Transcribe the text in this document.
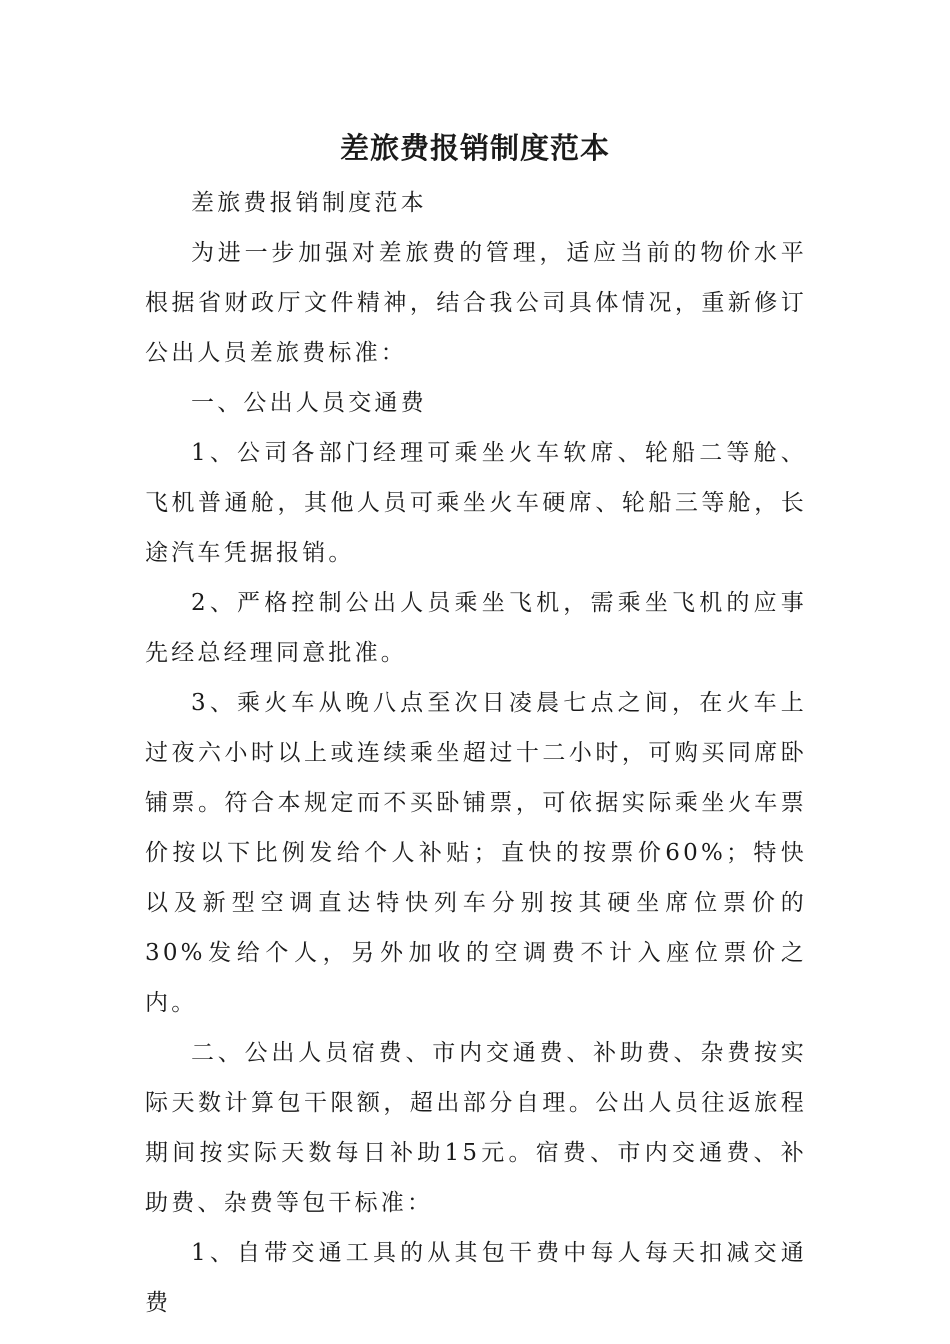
差旅费报销制度范本

差旅费报销制度范本

为进一步加强对差旅费的管理，适应当前的物价水平根据省财政厅文件精神，结合我公司具体情况，重新修订公出人员差旅费标准：

一、公出人员交通费

1、公司各部门经理可乘坐火车软席、轮船二等舱、飞机普通舱，其他人员可乘坐火车硬席、轮船三等舱，长途汽车凭据报销。

2、严格控制公出人员乘坐飞机，需乘坐飞机的应事先经总经理同意批准。

3、乘火车从晚八点至次日凌晨七点之间，在火车上过夜六小时以上或连续乘坐超过十二小时，可购买同席卧铺票。符合本规定而不买卧铺票，可依据实际乘坐火车票价按以下比例发给个人补贴；直快的按票价60%；特快以及新型空调直达特快列车分别按其硬坐席位票价的30%发给个人，另外加收的空调费不计入座位票价之内。

二、公出人员宿费、市内交通费、补助费、杂费按实际天数计算包干限额，超出部分自理。公出人员往返旅程期间按实际天数每日补助15元。宿费、市内交通费、补助费、杂费等包干标准：

1、自带交通工具的从其包干费中每人每天扣减交通费
